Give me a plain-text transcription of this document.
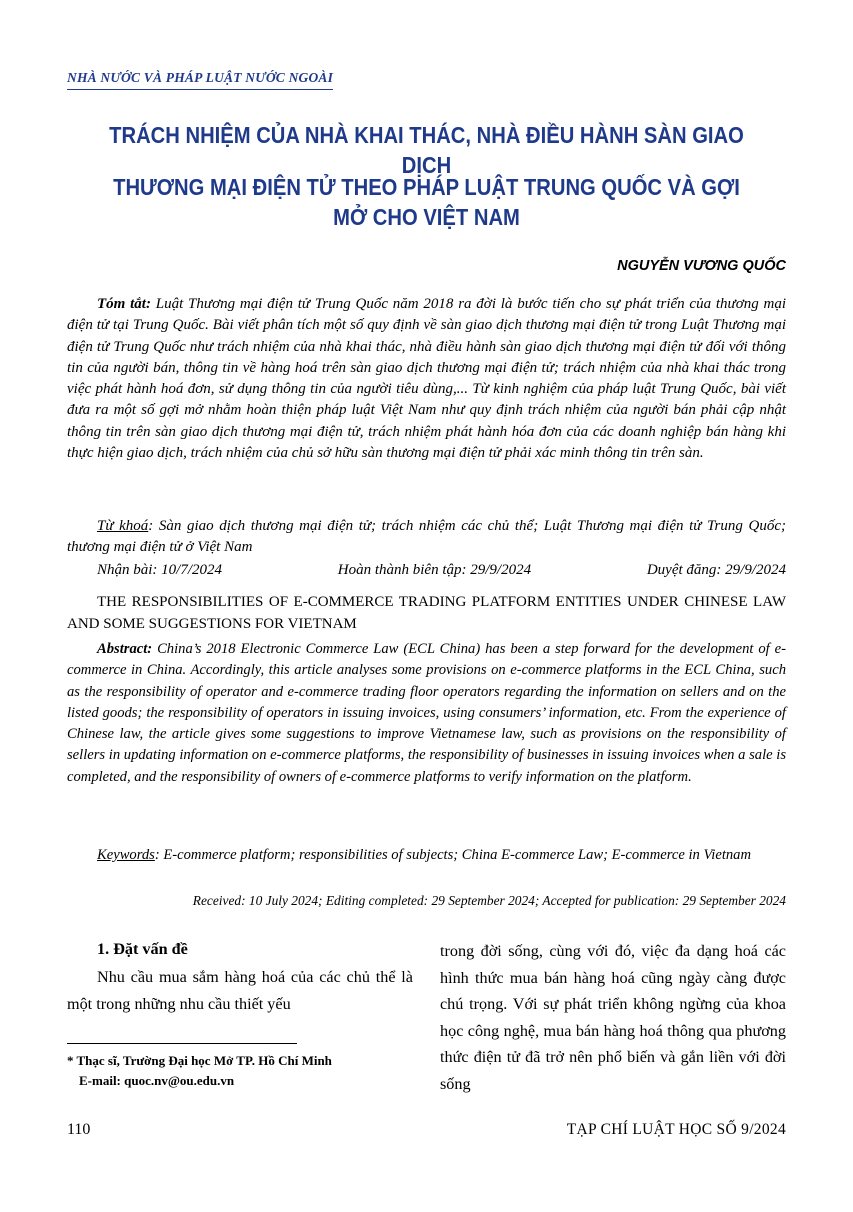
NHÀ NƯỚC VÀ PHÁP LUẬT NƯỚC NGOÀI
TRÁCH NHIỆM CỦA NHÀ KHAI THÁC, NHÀ ĐIỀU HÀNH SÀN GIAO DỊCH
THƯƠNG MẠI ĐIỆN TỬ THEO PHÁP LUẬT TRUNG QUỐC VÀ GỢI MỞ CHO VIỆT NAM
NGUYỄN VƯƠNG QUỐC

Tóm tắt: Luật Thương mại điện tử Trung Quốc năm 2018 ra đời là bước tiến cho sự phát triển của thương mại điện tử tại Trung Quốc. Bài viết phân tích một số quy định về sàn giao dịch thương mại điện tử trong Luật Thương mại điện tử Trung Quốc như trách nhiệm của nhà khai thác, nhà điều hành sàn giao dịch thương mại điện tử đối với thông tin của người bán, thông tin về hàng hoá trên sàn giao dịch thương mại điện tử; trách nhiệm của nhà khai thác trong việc phát hành hoá đơn, sử dụng thông tin của người tiêu dùng,... Từ kinh nghiệm của pháp luật Trung Quốc, bài viết đưa ra một số gợi mở nhằm hoàn thiện pháp luật Việt Nam như quy định trách nhiệm của người bán phải cập nhật thông tin trên sàn giao dịch thương mại điện tử, trách nhiệm phát hành hóa đơn của các doanh nghiệp bán hàng khi thực hiện giao dịch, trách nhiệm của chủ sở hữu sàn thương mại điện tử phải xác minh thông tin trên sàn.

Từ khoá: Sàn giao dịch thương mại điện tử; trách nhiệm các chủ thể; Luật Thương mại điện tử Trung Quốc; thương mại điện tử ở Việt Nam

Nhận bài: 10/7/2024	Hoàn thành biên tập: 29/9/2024	Duyệt đăng: 29/9/2024

THE RESPONSIBILITIES OF E-COMMERCE TRADING PLATFORM ENTITIES UNDER CHINESE LAW AND SOME SUGGESTIONS FOR VIETNAM

Abstract: China’s 2018 Electronic Commerce Law (ECL China) has been a step forward for the development of e-commerce in China. Accordingly, this article analyses some provisions on e-commerce platforms in the ECL China, such as the responsibility of operator and e-commerce trading floor operators regarding the information on sellers and on the listed goods; the responsibility of operators in issuing invoices, using consumers’ information, etc. From the experience of Chinese law, the article gives some suggestions to improve Vietnamese law, such as provisions on the responsibility of sellers in updating information on e-commerce platforms, the responsibility of businesses in issuing invoices when a sale is completed, and the responsibility of owners of e-commerce platforms to verify information on the platform.

Keywords: E-commerce platform; responsibilities of subjects; China E-commerce Law; E-commerce in Vietnam

Received: 10 July 2024; Editing completed: 29 September 2024; Accepted for publication: 29 September 2024
1. Đặt vấn đề

Nhu cầu mua sắm hàng hoá của các chủ thể là một trong những nhu cầu thiết yếu

trong đời sống, cùng với đó, việc đa dạng hoá các hình thức mua bán hàng hoá cũng ngày càng được chú trọng. Với sự phát triển không ngừng của khoa học công nghệ, mua bán hàng hoá thông qua phương thức điện tử đã trở nên phổ biến và gắn liền với đời sống

* Thạc sĩ, Trường Đại học Mở TP. Hồ Chí Minh
E-mail: quoc.nv@ou.edu.vn
110	TẠP CHÍ LUẬT HỌC SỐ 9/2024
